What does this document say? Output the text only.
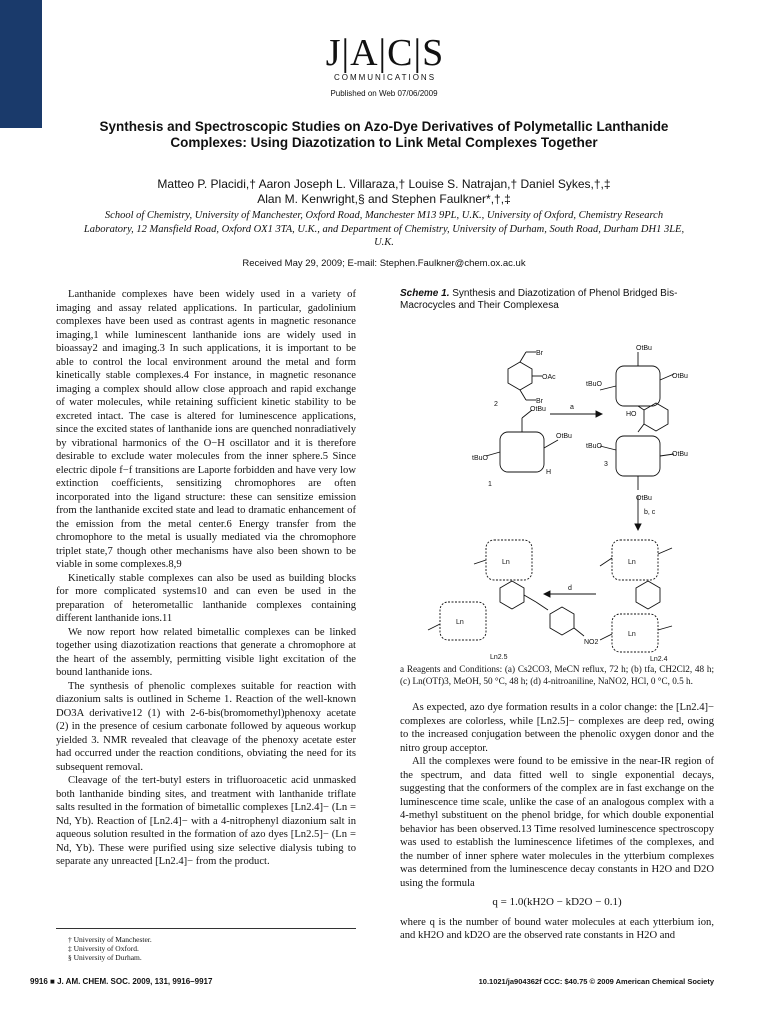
J|A|C|S
COMMUNICATIONS
Published on Web 07/06/2009
Synthesis and Spectroscopic Studies on Azo-Dye Derivatives of Polymetallic Lanthanide Complexes: Using Diazotization to Link Metal Complexes Together
Matteo P. Placidi,† Aaron Joseph L. Villaraza,† Louise S. Natrajan,† Daniel Sykes,†,‡
Alan M. Kenwright,§ and Stephen Faulkner*,†,‡
School of Chemistry, University of Manchester, Oxford Road, Manchester M13 9PL, U.K., University of Oxford, Chemistry Research Laboratory, 12 Mansfield Road, Oxford OX1 3TA, U.K., and Department of Chemistry, University of Durham, South Road, Durham DH1 3LE, U.K.
Received May 29, 2009; E-mail: Stephen.Faulkner@chem.ox.ac.uk

Lanthanide complexes have been widely used in a variety of imaging and assay related applications. In particular, gadolinium complexes have been used as contrast agents in magnetic resonance imaging,1 while luminescent lanthanide ions are widely used in bioassay2 and imaging.3 In such applications, it is important to be able to control the local environment around the metal and form kinetically stable complexes.4 For instance, in magnetic resonance imaging a complex should allow close approach and rapid exchange of water molecules, while retaining sufficient kinetic stability to be excreted intact. The case is altered for luminescence applications, since the excited states of lanthanide ions are quenched nonradiatively by vibrational harmonics of the O−H oscillator and it is therefore desirable to exclude water molecules from the inner sphere.5 Since electric dipole f−f transitions are Laporte forbidden and have very low extinction coefficients, sensitizing chromophores are often incorporated into the ligand structure: these can sensitize emission from the lanthanide excited state and lead to dramatic enhancement of the emission from the metal center.6 Energy transfer from the chromophore to the metal is usually mediated via the chromophore triplet state,7 though other mechanisms have also been shown to be viable in some complexes.8,9

Kinetically stable complexes can also be used as building blocks for more complicated systems10 and can even be used in the preparation of heterometallic lanthanide complexes containing different lanthanide ions.11

We now report how related bimetallic complexes can be linked together using diazotization reactions that generate a chromophore at the heart of the assembly, permitting visible light excitation of the bound lanthanide ions.

The synthesis of phenolic complexes suitable for reaction with diazonium salts is outlined in Scheme 1. Reaction of the well-known DO3A derivative12 (1) with 2-6-bis(bromomethyl)phenoxy acetate (2) in the presence of cesium carbonate followed by aqueous workup yielded 3. NMR revealed that cleavage of the phenoxy acetate ester had occurred under the reaction conditions, obviating the need for its subsequent removal.

Cleavage of the tert-butyl esters in trifluoroacetic acid unmasked both lanthanide binding sites, and treatment with lanthanide triflate salts resulted in the formation of bimetallic complexes [Ln2.4]− (Ln = Nd, Yb). Reaction of [Ln2.4]− with a 4-nitrophenyl diazonium salt in aqueous solution resulted in the formation of azo dyes [Ln2.5]− (Ln = Nd, Yb). These were purified using size selective dialysis tubing to separate any unreacted [Ln2.4]− from the product.

Scheme 1. Synthesis and Diazotization of Phenol Bridged Bis-Macrocycles and Their Complexesa
Br
OAc
Br
2	a
OtBu
tBuO
OtBu
H
1
OtBu
OtBu
tBuO
HO
tBuO
OtBu
OtBu
3
b, c
Ln
Ln
Ln2.4
d
Ln
Ln
NO2
Ln2.5
a Reagents and Conditions: (a) Cs2CO3, MeCN reflux, 72 h; (b) tfa, CH2Cl2, 48 h; (c) Ln(OTf)3, MeOH, 50 °C, 48 h; (d) 4-nitroaniline, NaNO2, HCl, 0 °C, 0.5 h.

As expected, azo dye formation results in a color change: the [Ln2.4]− complexes are colorless, while [Ln2.5]− complexes are deep red, owing to the increased conjugation between the phenolic oxygen donor and the nitro group acceptor.

All the complexes were found to be emissive in the near-IR region of the spectrum, and data fitted well to single exponential decays, suggesting that the conformers of the complex are in fast exchange on the luminescence time scale, unlike the case of an analogous complex with a 4-methyl substituent on the phenol bridge, for which double exponential behavior has been observed.13 Time resolved luminescence spectroscopy was used to establish the luminescence lifetimes of the complexes, and the number of inner sphere water molecules in the ytterbium complexes was determined from the luminescence decay constants in H2O and D2O using the formula

q = 1.0(kH2O − kD2O − 0.1)
where q is the number of bound water molecules at each ytterbium ion, and kH2O and kD2O are the observed rate constants in H2O and
† University of Manchester.
‡ University of Oxford.
§ University of Durham.
9916 ■ J. AM. CHEM. SOC. 2009, 131, 9916–9917	10.1021/ja904362f CCC: $40.75 © 2009 American Chemical Society
